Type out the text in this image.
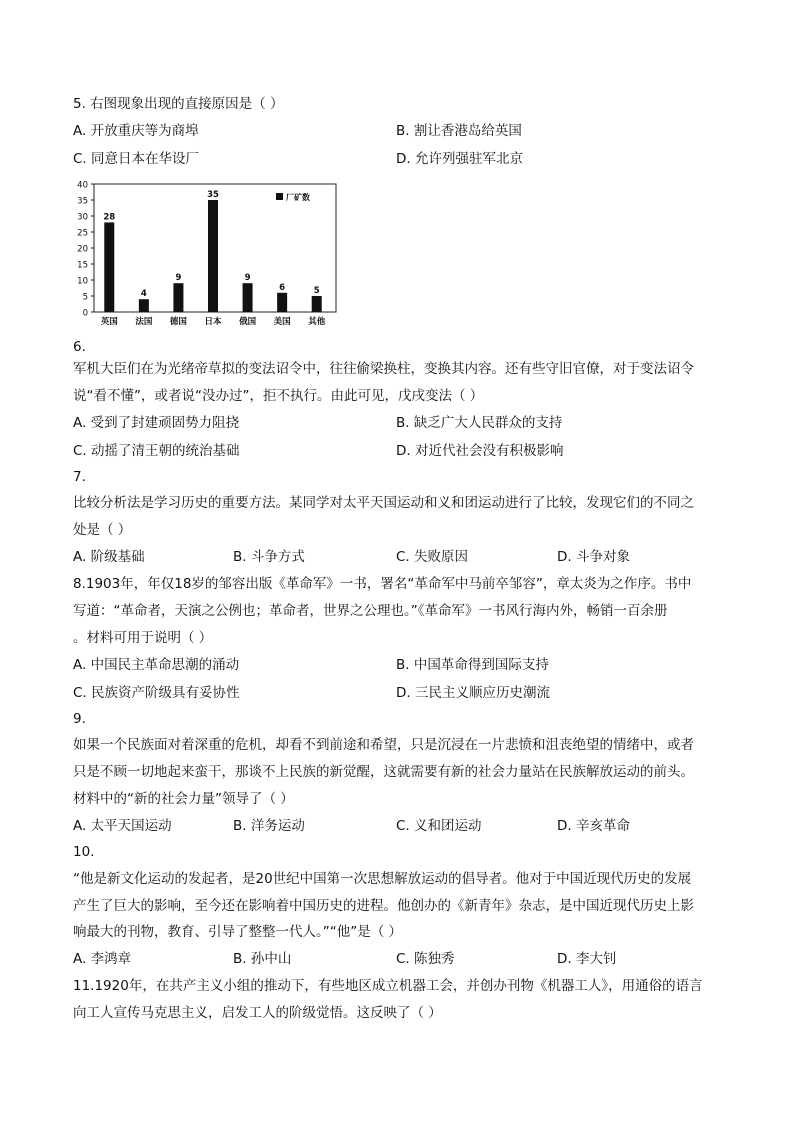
5. 右图现象出现的直接原因是（ ）
A. 开放重庆等为商埠	B. 割让香港岛给英国
C. 同意日本在华设厂	D. 允许列强驻军北京
0
5
10
15
20
25
30
35
40
28
英国
4
法国
9
德国
35
日本
9
俄国
6
美国
5
其他
厂矿数
6.
军机大臣们在为光绪帝草拟的变法诏令中，往往偷梁换柱，变换其内容。还有些守旧官僚，对于变法诏令
说“看不懂”，或者说“没办过”，拒不执行。由此可见，戊戌变法（ ）
A. 受到了封建顽固势力阻挠	B. 缺乏广大人民群众的支持
C. 动摇了清王朝的统治基础	D. 对近代社会没有积极影响
7.
比较分析法是学习历史的重要方法。某同学对太平天国运动和义和团运动进行了比较，发现它们的不同之
处是（ ）
A. 阶级基础	B. 斗争方式	C. 失败原因	D. 斗争对象
8.1903年，年仅18岁的邹容出版《革命军》一书，署名“革命军中马前卒邹容”，章太炎为之作序。书中
写道：“革命者，天演之公例也；革命者，世界之公理也。”《革命军》一书风行海内外，畅销一百余册
。材料可用于说明（ ）
A. 中国民主革命思潮的涌动	B. 中国革命得到国际支持
C. 民族资产阶级具有妥协性	D. 三民主义顺应历史潮流
9.
如果一个民族面对着深重的危机，却看不到前途和希望，只是沉浸在一片悲愤和沮丧绝望的情绪中，或者
只是不顾一切地起来蛮干，那谈不上民族的新觉醒，这就需要有新的社会力量站在民族解放运动的前头。
材料中的“新的社会力量”领导了（ ）
A. 太平天国运动	B. 洋务运动	C. 义和团运动	D. 辛亥革命
10.
“他是新文化运动的发起者，是20世纪中国第一次思想解放运动的倡导者。他对于中国近现代历史的发展
产生了巨大的影响，至今还在影响着中国历史的进程。他创办的《新青年》杂志，是中国近现代历史上影
响最大的刊物，教育、引导了整整一代人。”“他”是（ ）
A. 李鸿章	B. 孙中山	C. 陈独秀	D. 李大钊
11.1920年，在共产主义小组的推动下，有些地区成立机器工会，并创办刊物《机器工人》，用通俗的语言
向工人宣传马克思主义，启发工人的阶级觉悟。这反映了（ ）
